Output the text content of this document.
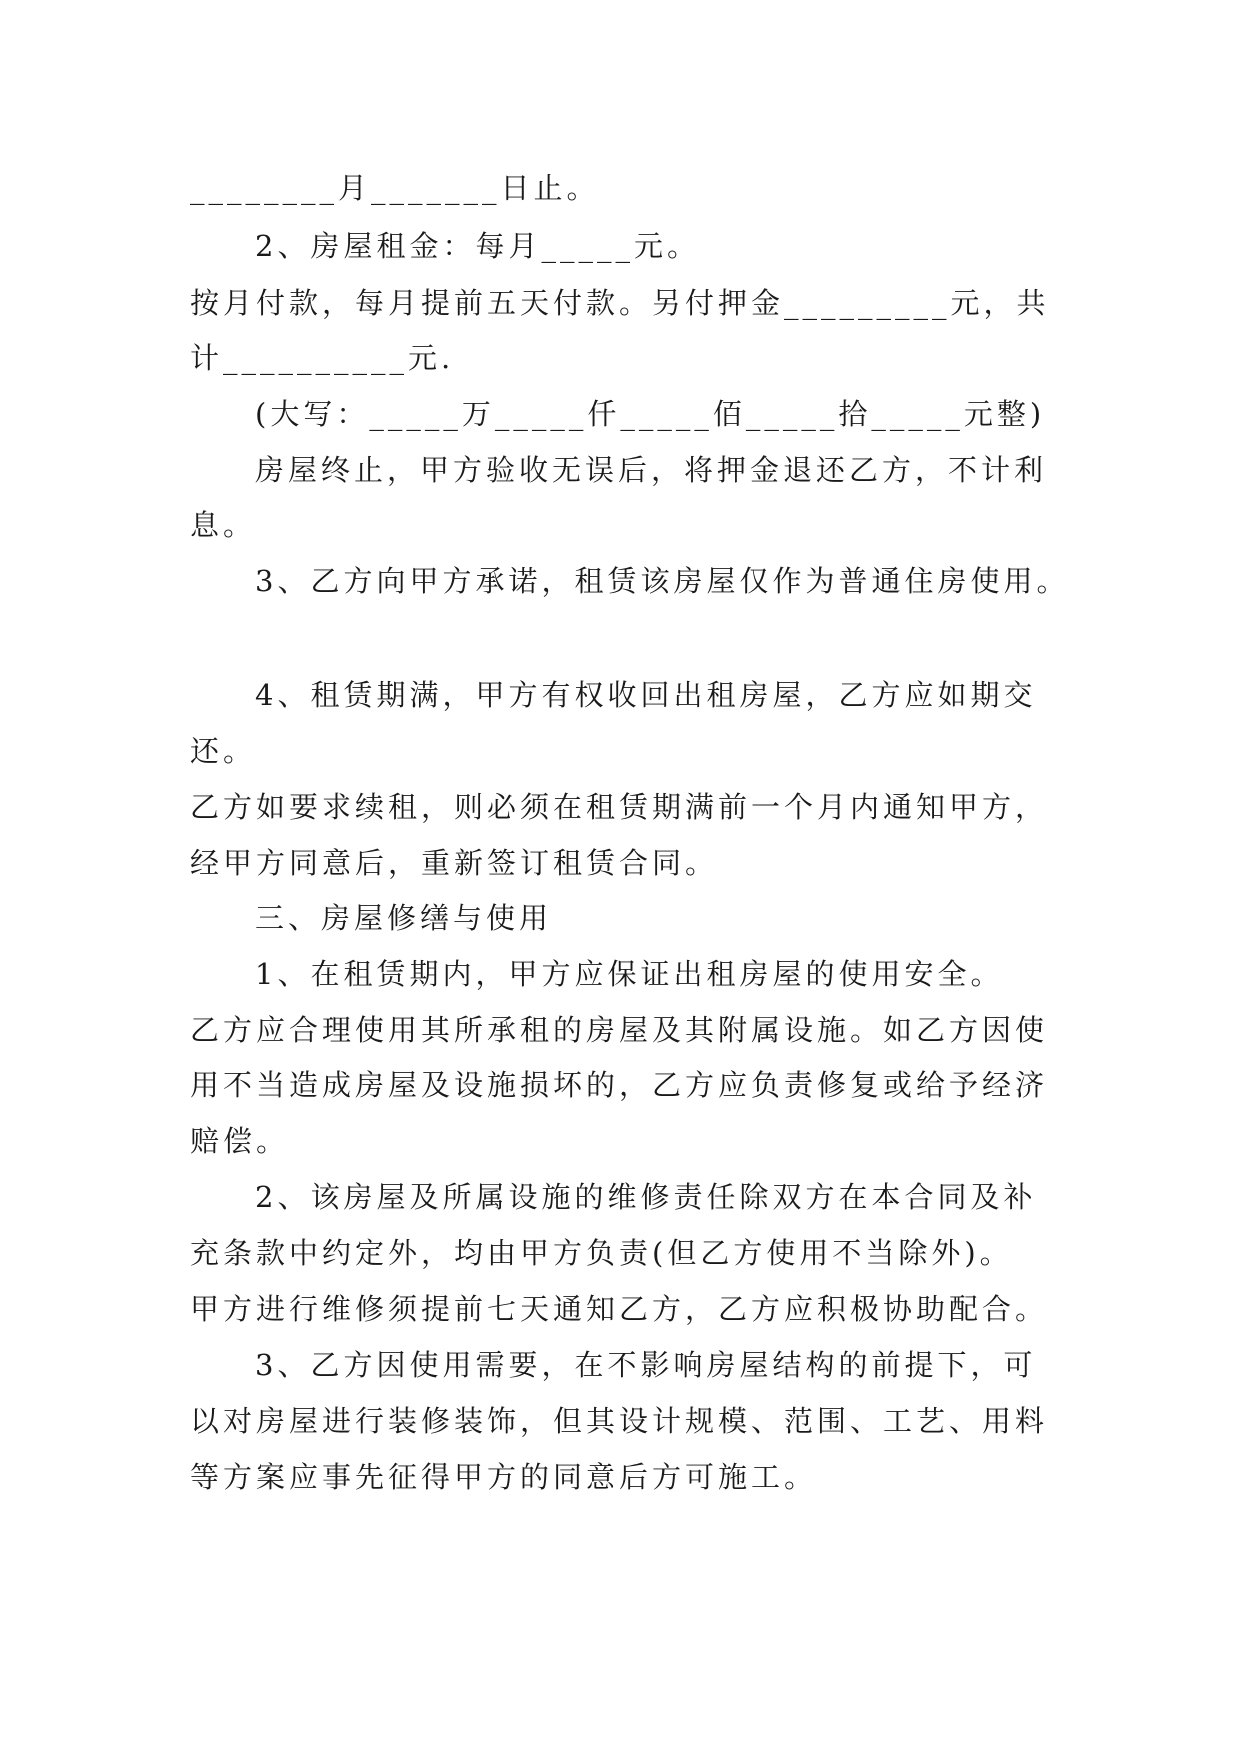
________月_______日止。
2、房屋租金：每月_____元。
按月付款，每月提前五天付款。另付押金_________元，共
计__________元.
(大写：_____万_____仟_____佰_____拾_____元整)
房屋终止，甲方验收无误后，将押金退还乙方，不计利
息。
3、乙方向甲方承诺，租赁该房屋仅作为普通住房使用。
4、租赁期满，甲方有权收回出租房屋，乙方应如期交
还。
乙方如要求续租，则必须在租赁期满前一个月内通知甲方，
经甲方同意后，重新签订租赁合同。
三、房屋修缮与使用
1、在租赁期内，甲方应保证出租房屋的使用安全。
乙方应合理使用其所承租的房屋及其附属设施。如乙方因使
用不当造成房屋及设施损坏的，乙方应负责修复或给予经济
赔偿。
2、该房屋及所属设施的维修责任除双方在本合同及补
充条款中约定外，均由甲方负责(但乙方使用不当除外)。
甲方进行维修须提前七天通知乙方，乙方应积极协助配合。
3、乙方因使用需要，在不影响房屋结构的前提下，可
以对房屋进行装修装饰，但其设计规模、范围、工艺、用料
等方案应事先征得甲方的同意后方可施工。
